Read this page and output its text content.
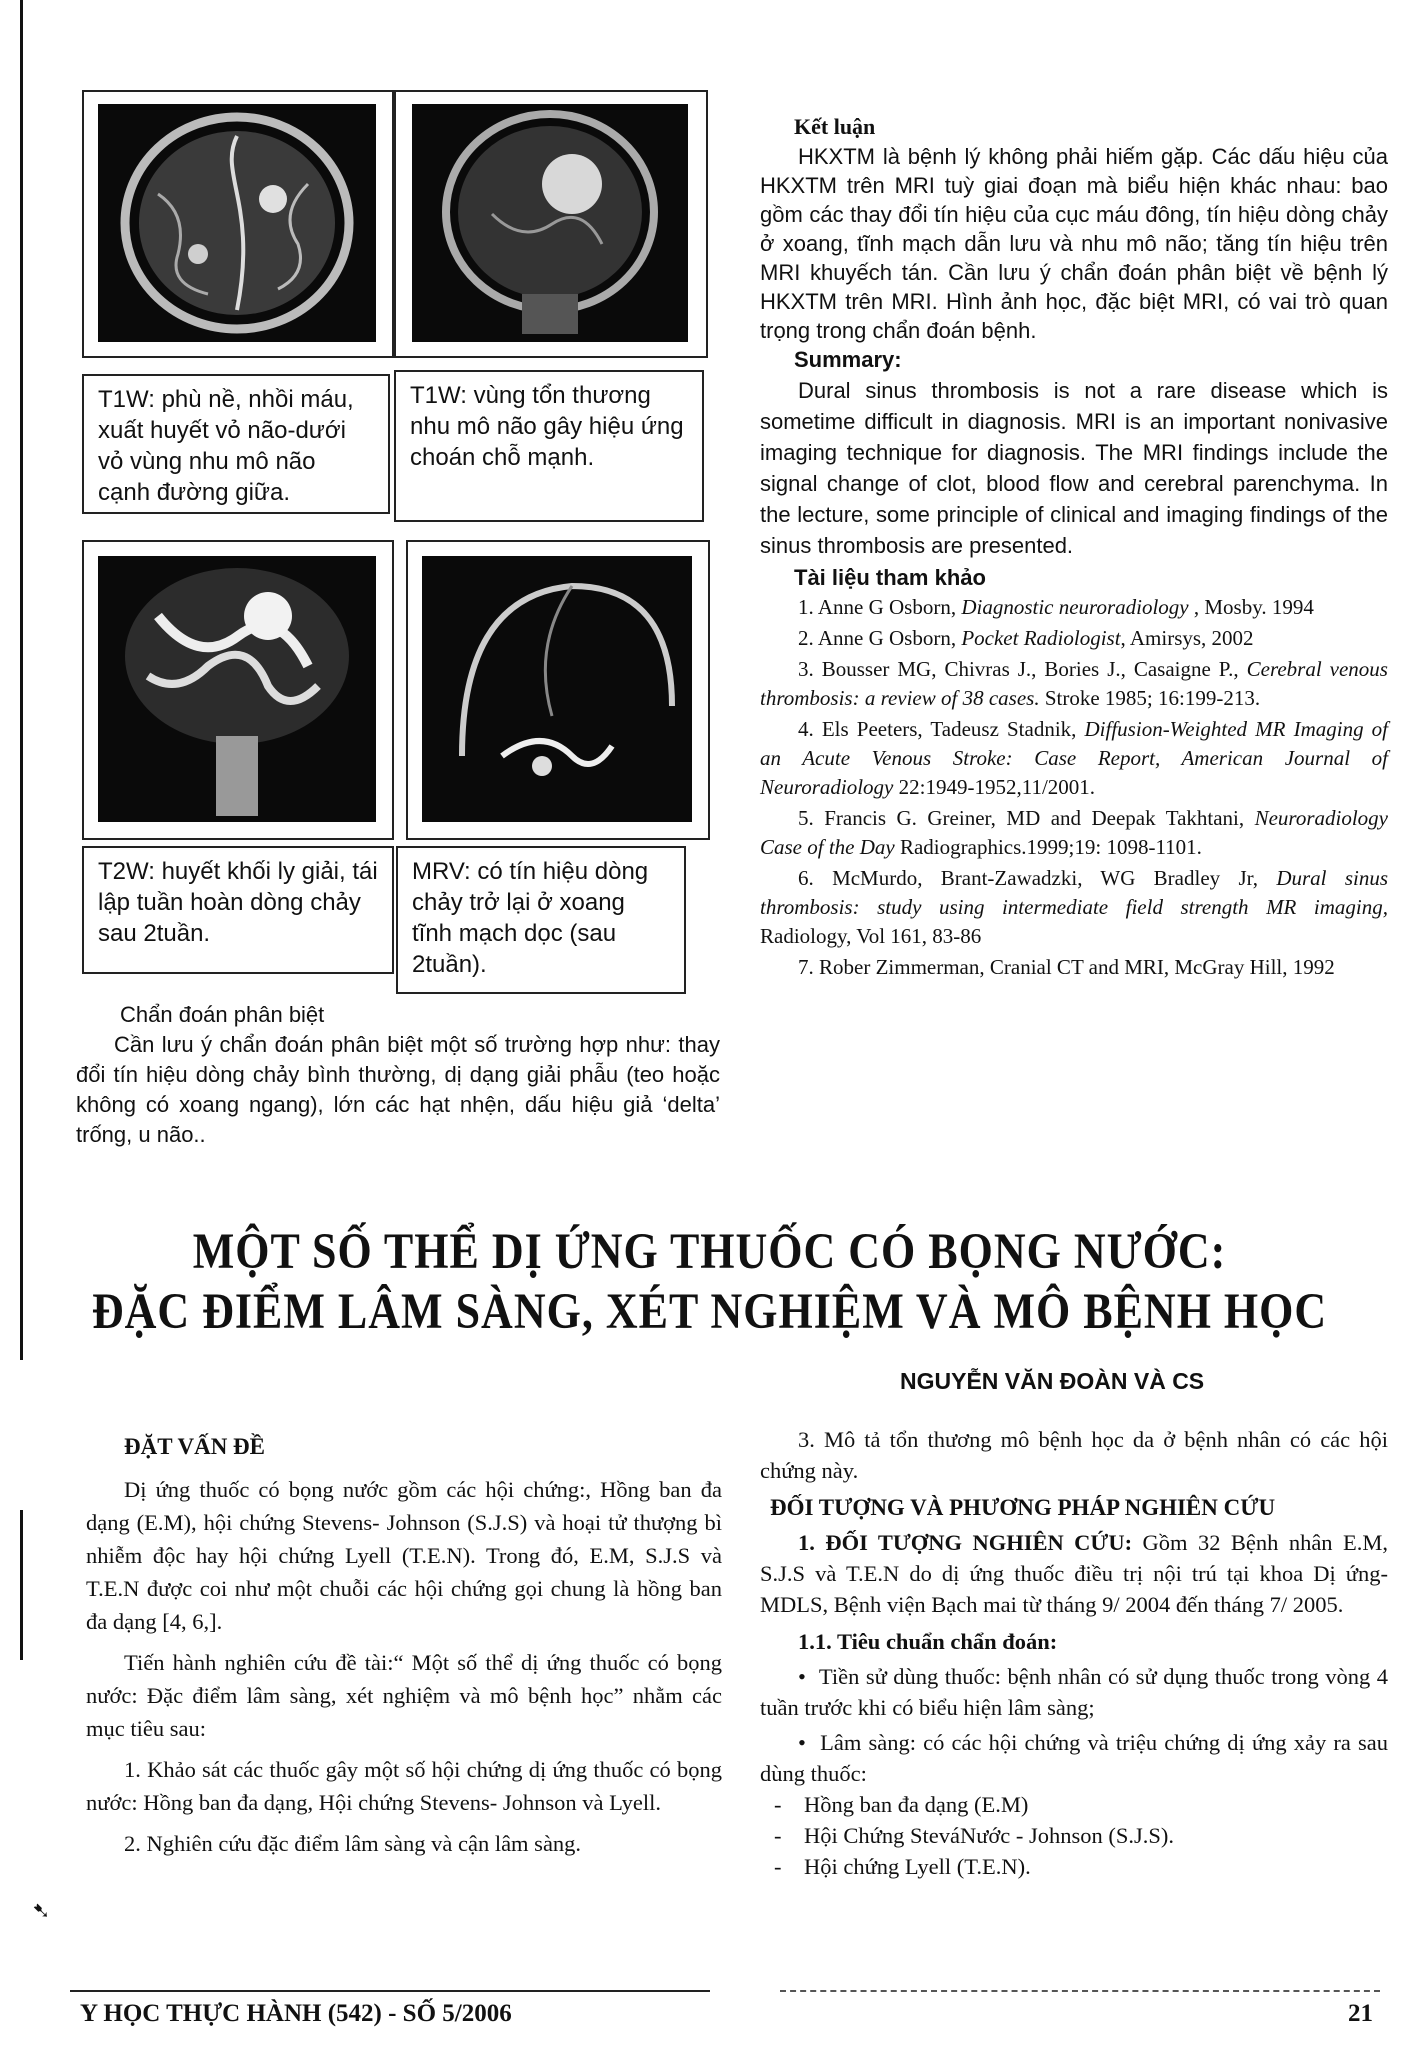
➷
T1W: phù nề, nhồi máu, xuất huyết vỏ não-dưới vỏ vùng nhu mô não cạnh đường giữa.
T1W: vùng tổn thương nhu mô não gây hiệu ứng choán chỗ mạnh.
T2W: huyết khối ly giải, tái lập tuần hoàn dòng chảy sau 2tuần.
MRV: có tín hiệu dòng chảy trở lại ở xoang tĩnh mạch dọc (sau 2tuần).

Chẩn đoán phân biệt

Cần lưu ý chẩn đoán phân biệt một số trường hợp như: thay đổi tín hiệu dòng chảy bình thường, dị dạng giải phẫu (teo hoặc không có xoang ngang), lớn các hạt nhện, dấu hiệu giả ‘delta’ trống, u não..

Kết luận

HKXTM là bệnh lý không phải hiếm gặp. Các dấu hiệu của HKXTM trên MRI tuỳ giai đoạn mà biểu hiện khác nhau: bao gồm các thay đổi tín hiệu của cục máu đông, tín hiệu dòng chảy ở xoang, tĩnh mạch dẫn lưu và nhu mô não; tăng tín hiệu trên MRI khuyếch tán. Cần lưu ý chẩn đoán phân biệt về bệnh lý HKXTM trên MRI. Hình ảnh học, đặc biệt MRI, có vai trò quan trọng trong chẩn đoán bệnh.

Summary:

Dural sinus thrombosis is not a rare disease which is sometime difficult in diagnosis. MRI is an important nonivasive imaging technique for diagnosis. The MRI findings include the signal change of clot, blood flow and cerebral parenchyma. In the lecture, some principle of clinical and imaging findings of the sinus thrombosis are presented.

Tài liệu tham khảo

1. Anne G Osborn, Diagnostic neuroradiology , Mosby. 1994

2. Anne G Osborn, Pocket Radiologist, Amirsys, 2002

3. Bousser MG, Chivras J., Bories J., Casaigne P., Cerebral venous thrombosis: a review of 38 cases. Stroke 1985; 16:199-213.

4. Els Peeters, Tadeusz Stadnik, Diffusion-Weighted MR Imaging of an Acute Venous Stroke: Case Report, American Journal of Neuroradiology 22:1949-1952,11/2001.

5. Francis G. Greiner, MD and Deepak Takhtani, Neuroradiology Case of the Day Radiographics.1999;19: 1098-1101.

6. McMurdo, Brant-Zawadzki, WG Bradley Jr, Dural sinus thrombosis: study using intermediate field strength MR imaging, Radiology, Vol 161, 83-86

7. Rober Zimmerman, Cranial CT and MRI, McGray Hill, 1992

MỘT SỐ THỂ DỊ ỨNG THUỐC CÓ BỌNG NƯỚC:
ĐẶC ĐIỂM LÂM SÀNG, XÉT NGHIỆM VÀ MÔ BỆNH HỌC
NGUYỄN VĂN ĐOÀN VÀ CS

ĐẶT VẤN ĐỀ

Dị ứng thuốc có bọng nước gồm các hội chứng:, Hồng ban đa dạng (E.M), hội chứng Stevens- Johnson (S.J.S) và hoại tử thượng bì nhiễm độc hay hội chứng Lyell (T.E.N). Trong đó, E.M, S.J.S và T.E.N được coi như một chuỗi các hội chứng gọi chung là hồng ban đa dạng [4, 6,].

Tiến hành nghiên cứu đề tài:“ Một số thể dị ứng thuốc có bọng nước: Đặc điểm lâm sàng, xét nghiệm và mô bệnh học” nhằm các mục tiêu sau:

1. Khảo sát các thuốc gây một số hội chứng dị ứng thuốc có bọng nước: Hồng ban đa dạng, Hội chứng Stevens- Johnson và Lyell.

2. Nghiên cứu đặc điểm lâm sàng và cận lâm sàng.

3. Mô tả tổn thương mô bệnh học da ở bệnh nhân có các hội chứng này.

ĐỐI TƯỢNG VÀ PHƯƠNG PHÁP NGHIÊN CỨU

1. ĐỐI TƯỢNG NGHIÊN CỨU: Gồm 32 Bệnh nhân E.M, S.J.S và T.E.N do dị ứng thuốc điều trị nội trú tại khoa Dị ứng- MDLS, Bệnh viện Bạch mai từ tháng 9/ 2004 đến tháng 7/ 2005.

1.1. Tiêu chuẩn chẩn đoán:

•  Tiền sử dùng thuốc: bệnh nhân có sử dụng thuốc trong vòng 4 tuần trước khi có biểu hiện lâm sàng;

•  Lâm sàng: có các hội chứng và triệu chứng dị ứng xảy ra sau dùng thuốc:

-    Hồng ban đa dạng (E.M)

-    Hội Chứng SteváNước - Johnson (S.J.S).

-    Hội chứng Lyell (T.E.N).

Y HỌC THỰC HÀNH (542) - SỐ 5/2006	21
